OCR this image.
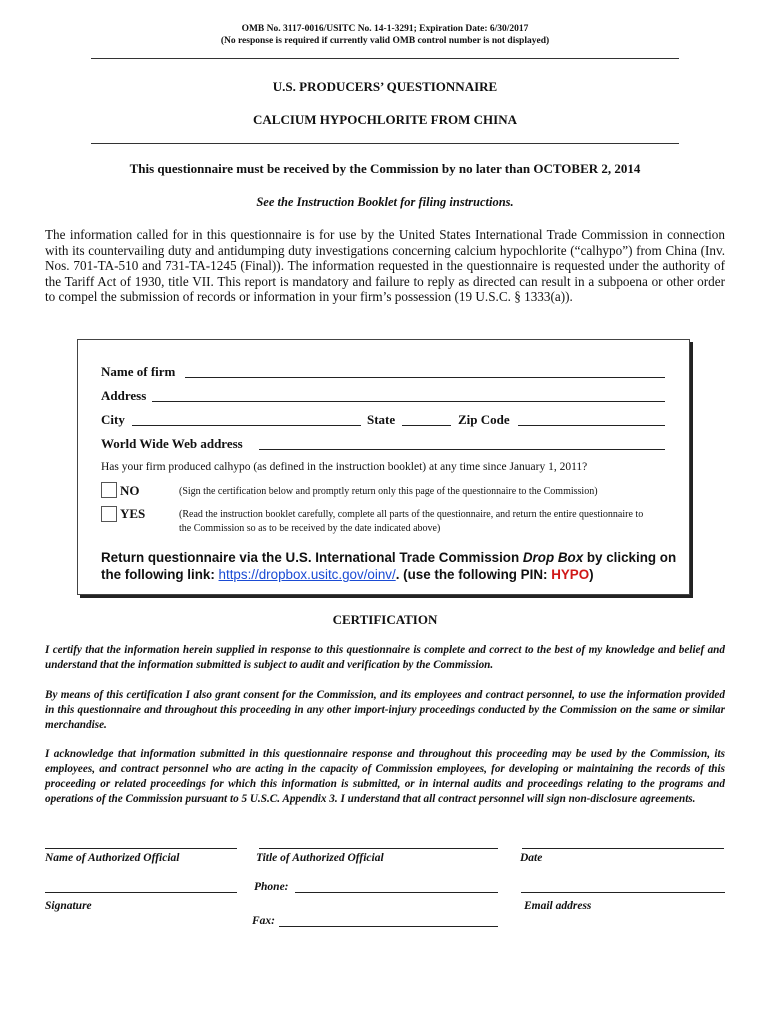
OMB No. 3117-0016/USITC No. 14-1-3291; Expiration Date: 6/30/2017
(No response is required if currently valid OMB control number is not displayed)
U.S. PRODUCERS’ QUESTIONNAIRE
CALCIUM HYPOCHLORITE FROM CHINA
This questionnaire must be received by the Commission by no later than OCTOBER 2, 2014
See the Instruction Booklet for filing instructions.
The information called for in this questionnaire is for use by the United States International Trade Commission in connection with its countervailing duty and antidumping duty investigations concerning calcium hypochlorite (“calhypo”) from China (Inv. Nos. 701-TA-510 and 731-TA-1245 (Final)). The information requested in the questionnaire is requested under the authority of the Tariff Act of 1930, title VII. This report is mandatory and failure to reply as directed can result in a subpoena or other order to compel the submission of records or information in your firm’s possession (19 U.S.C. § 1333(a)).
Name of firm
Address
City	State	Zip Code
World Wide Web address
Has your firm produced calhypo (as defined in the instruction booklet) at any time since January 1, 2011?
NO	(Sign the certification below and promptly return only this page of the questionnaire to the Commission)
YES	(Read the instruction booklet carefully, complete all parts of the questionnaire, and return the entire questionnaire to the Commission so as to be received by the date indicated above)
Return questionnaire via the U.S. International Trade Commission Drop Box by clicking on the following link: https://dropbox.usitc.gov/oinv/. (use the following PIN: HYPO)
CERTIFICATION
I certify that the information herein supplied in response to this questionnaire is complete and correct to the best of my knowledge and belief and understand that the information submitted is subject to audit and verification by the Commission.
By means of this certification I also grant consent for the Commission, and its employees and contract personnel, to use the information provided in this questionnaire and throughout this proceeding in any other import-injury proceedings conducted by the Commission on the same or similar merchandise.
I acknowledge that information submitted in this questionnaire response and throughout this proceeding may be used by the Commission, its employees, and contract personnel who are acting in the capacity of Commission employees, for developing or maintaining the records of this proceeding or related proceedings for which this information is submitted, or in internal audits and proceedings relating to the programs and operations of the Commission pursuant to 5 U.S.C. Appendix 3. I understand that all contract personnel will sign non-disclosure agreements.
Name of Authorized Official	Title of Authorized Official	Date
Phone:
Signature	Email address
Fax:
